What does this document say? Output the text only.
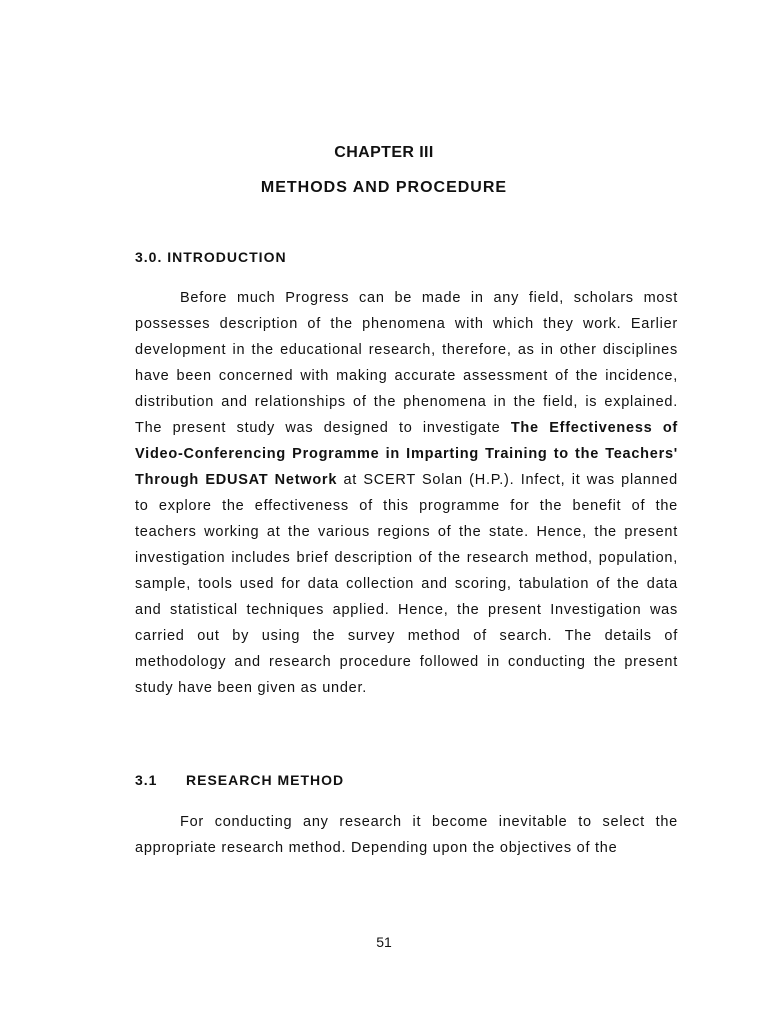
CHAPTER III
METHODS AND PROCEDURE
3.0. INTRODUCTION
Before much Progress can be made in any field, scholars most possesses description of the phenomena with which they work. Earlier development in the educational research, therefore, as in other disciplines have been concerned with making accurate assessment of the incidence, distribution and relationships of the phenomena in the field, is explained. The present study was designed to investigate The Effectiveness of Video-Conferencing Programme in Imparting Training to the Teachers' Through EDUSAT Network at SCERT Solan (H.P.). Infect, it was planned to explore the effectiveness of this programme for the benefit of the teachers working at the various regions of the state. Hence, the present investigation includes brief description of the research method, population, sample, tools used for data collection and scoring, tabulation of the data and statistical techniques applied. Hence, the present Investigation was carried out by using the survey method of search. The details of methodology and research procedure followed in conducting the present study have been given as under.
3.1 RESEARCH METHOD
For conducting any research it become inevitable to select the appropriate research method. Depending upon the objectives of the
51
